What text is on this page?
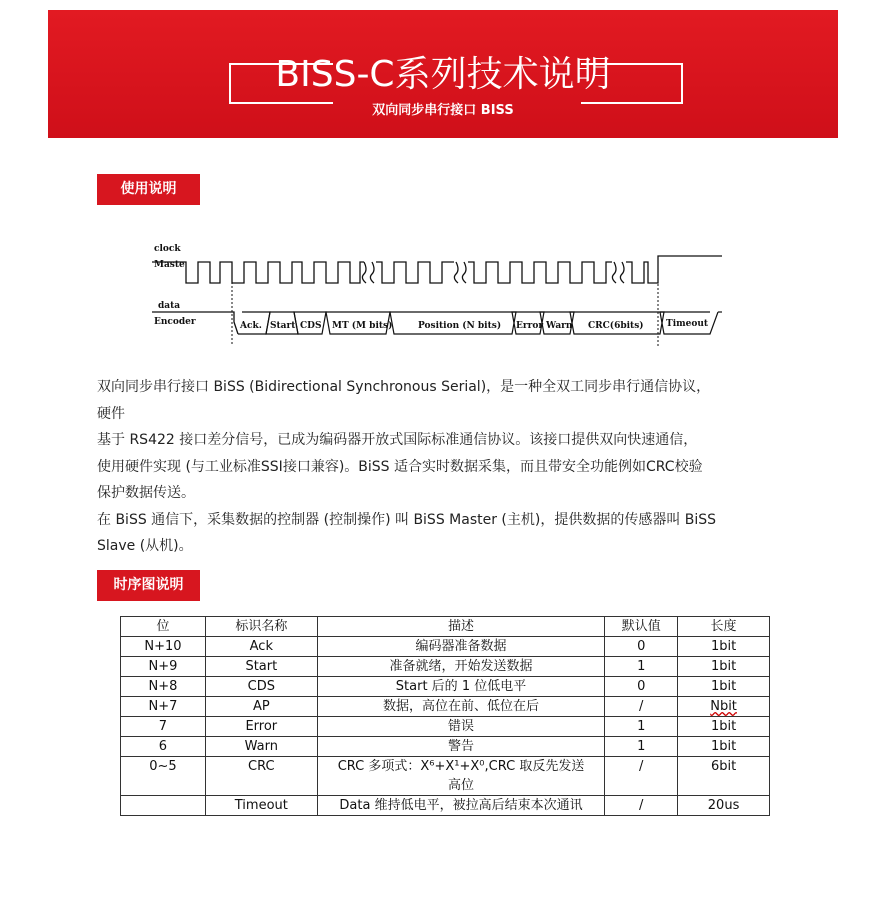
BISS-C系列技术说明
双向同步串行接口 BISS
使用说明
clock
Maste
data
Encoder	Ack. Start CDS MT (M bits)	Position (N bits) Error Warn CRC(6bits) Timeout

双向同步串行接口 BiSS (Bidirectional Synchronous Serial)，是一种全双工同步串行通信协议，

硬件

基于 RS422 接口差分信号，已成为编码器开放式国际标准通信协议。该接口提供双向快速通信，

使用硬件实现 (与工业标准SSI接口兼容)。BiSS 适合实时数据采集，而且带安全功能例如CRC校验

保护数据传送。

在 BiSS 通信下，采集数据的控制器 (控制操作) 叫 BiSS Master (主机)，提供数据的传感器叫 BiSS

Slave (从机)。

时序图说明
位	标识名称	描述	默认值	长度
N+10	Ack	编码器准备数据	0	1bit
N+9	Start	准备就绪，开始发送数据	1	1bit
N+8	CDS	Start 后的 1 位低电平	0	1bit
N+7	AP	数据，高位在前、低位在后	/	Nbit
7	Error	错误	1	1bit
6	Warn	警告	1	1bit
0~5	CRC	CRC 多项式：X⁶+X¹+X⁰,CRC 取反先发送高位	/	6bit
	Timeout	Data 维持低电平，被拉高后结束本次通讯	/	20us
